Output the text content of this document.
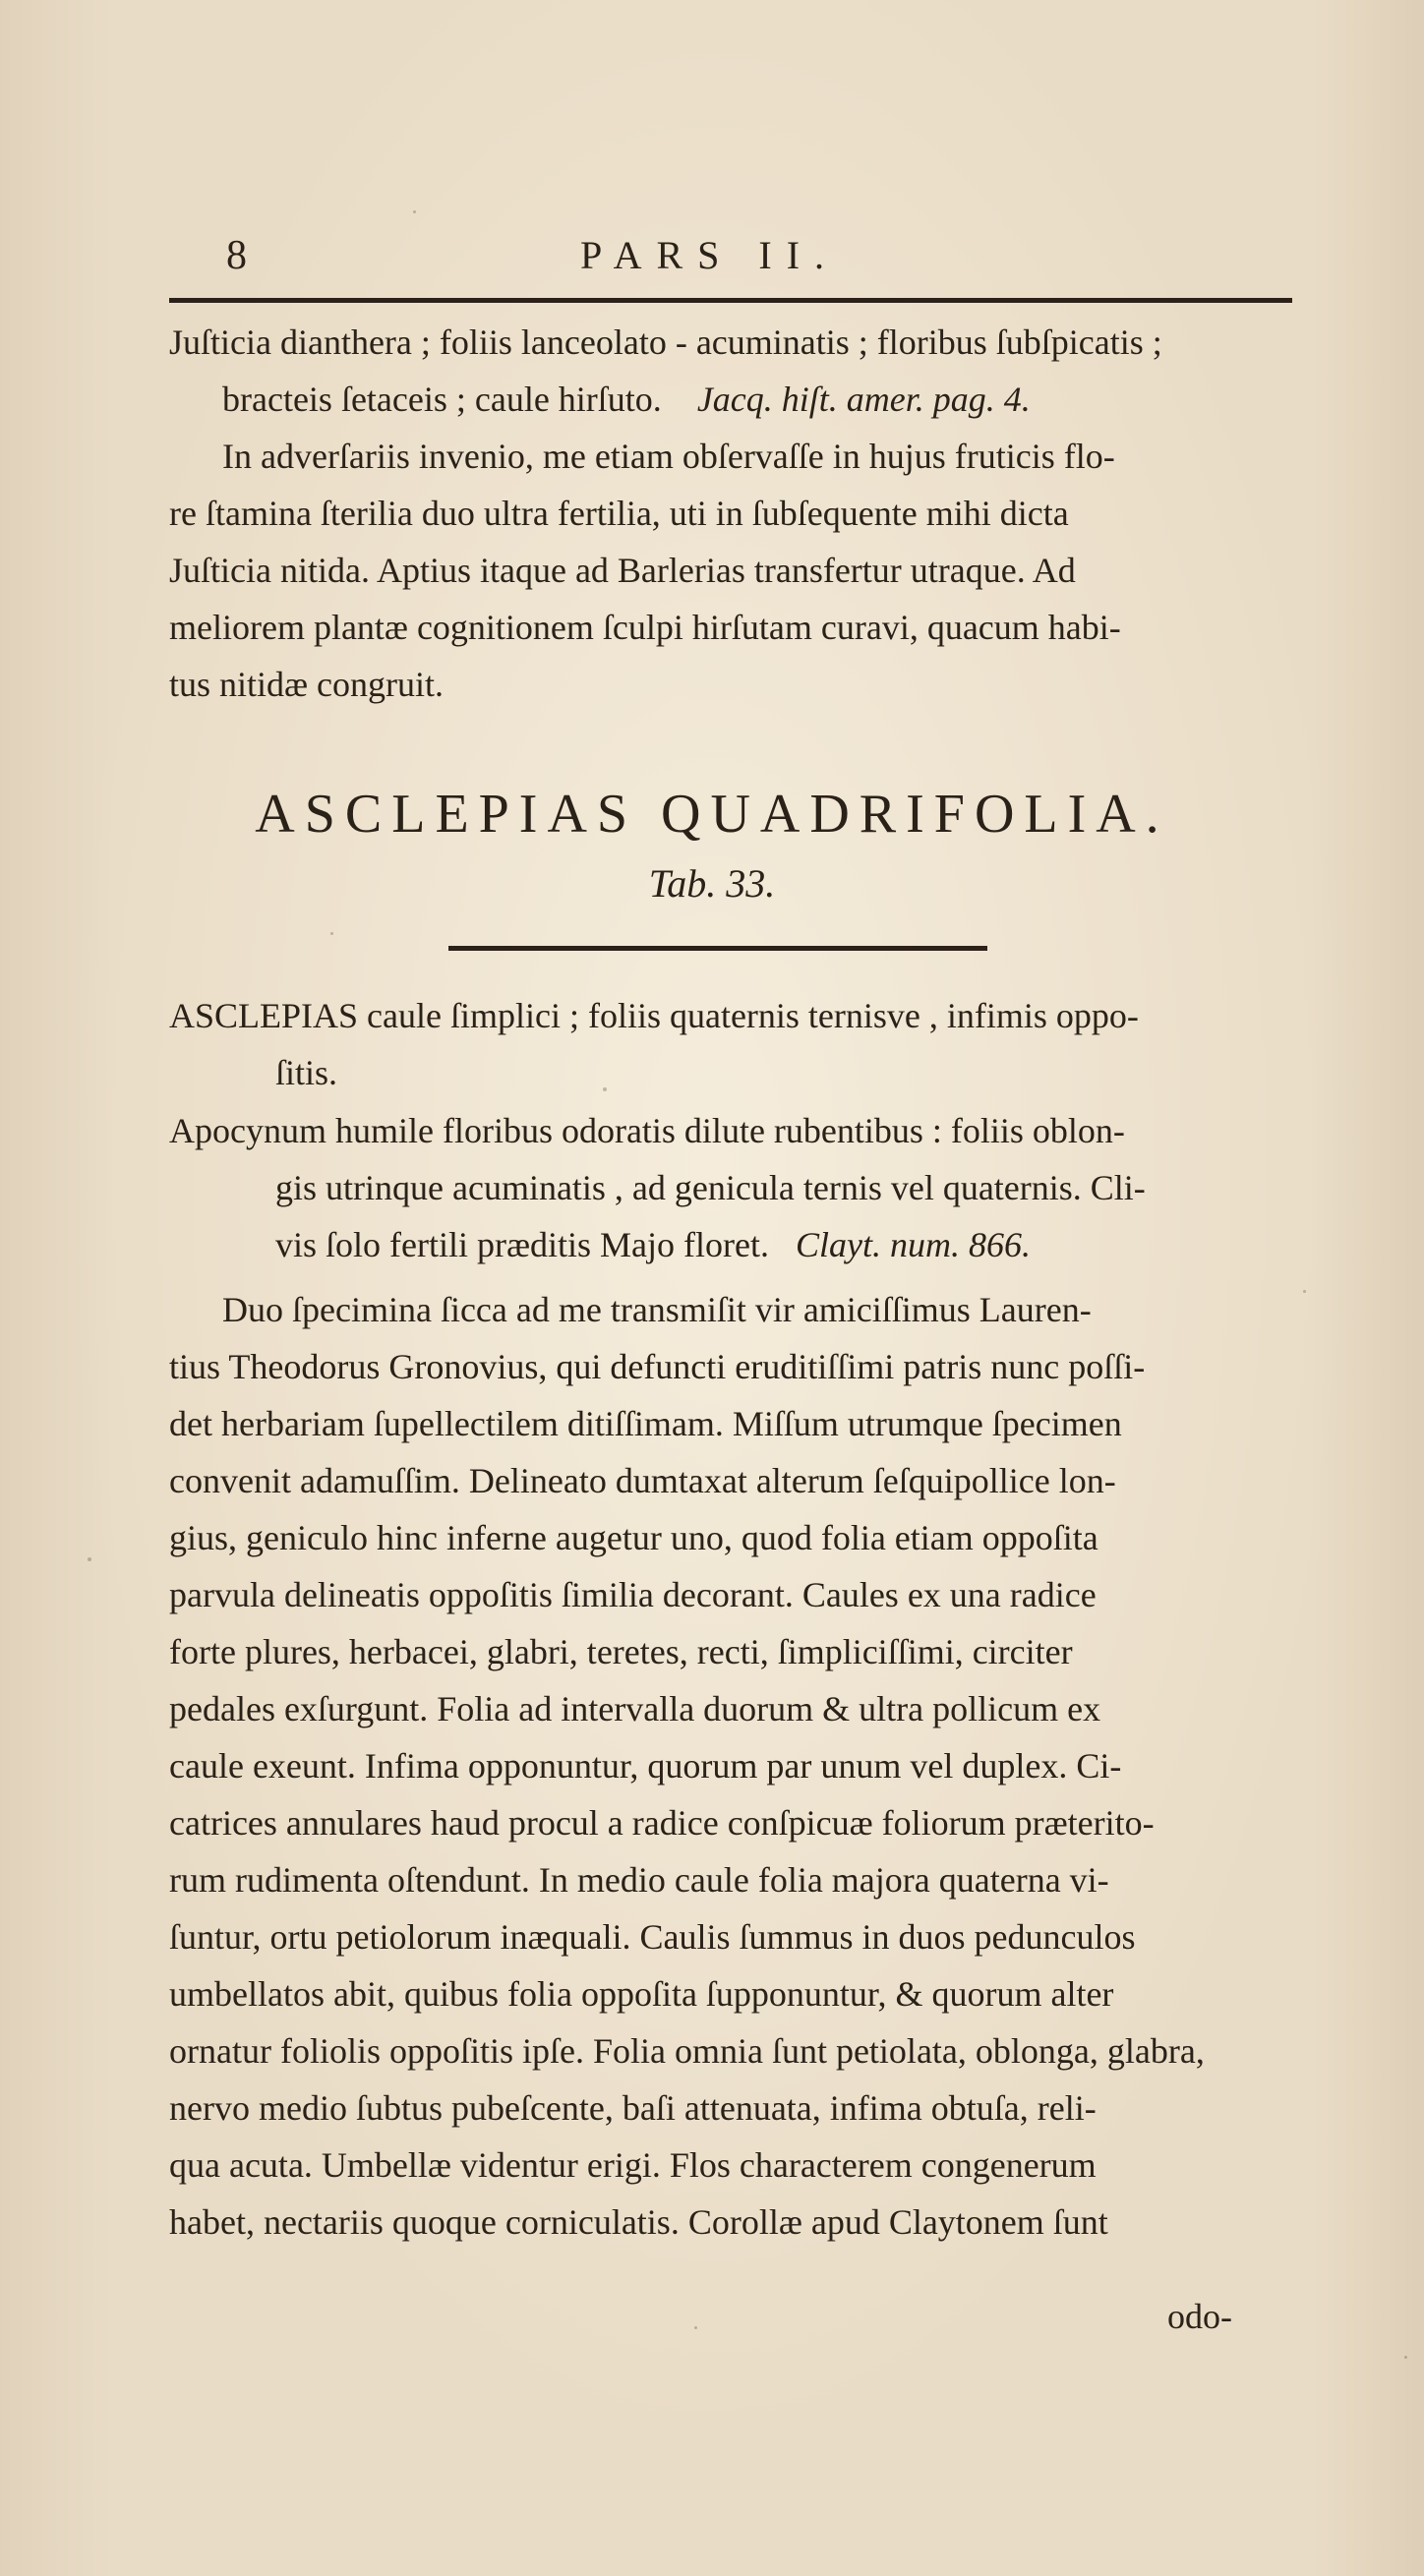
8	PARS II.
Juſticia dianthera ; foliis lanceolato - acuminatis ; floribus ſubſpicatis ;
bracteis ſetaceis ; caule hirſuto. Jacq. hiſt. amer. pag. 4.
In adverſariis invenio, me etiam obſervaſſe in hujus fruticis flo-
re ſtamina ſterilia duo ultra fertilia, uti in ſubſequente mihi dicta
Juſticia nitida. Aptius itaque ad Barlerias transfertur utraque. Ad
meliorem plantæ cognitionem ſculpi hirſutam curavi, quacum habi-
tus nitidæ congruit.
ASCLEPIAS QUADRIFOLIA.
Tab. 33.
ASCLEPIAS caule ſimplici ; foliis quaternis ternisve , infimis oppo-
ſitis.
Apocynum humile floribus odoratis dilute rubentibus : foliis oblon-
gis utrinque acuminatis , ad genicula ternis vel quaternis. Cli-
vis ſolo fertili præditis Majo floret. Clayt. num. 866.
Duo ſpecimina ſicca ad me transmiſit vir amiciſſimus Lauren-
tius Theodorus Gronovius, qui defuncti eruditiſſimi patris nunc poſſi-
det herbariam ſupellectilem ditiſſimam. Miſſum utrumque ſpecimen
convenit adamuſſim. Delineato dumtaxat alterum ſeſquipollice lon-
gius, geniculo hinc inferne augetur uno, quod folia etiam oppoſita
parvula delineatis oppoſitis ſimilia decorant. Caules ex una radice
forte plures, herbacei, glabri, teretes, recti, ſimpliciſſimi, circiter
pedales exſurgunt. Folia ad intervalla duorum & ultra pollicum ex
caule exeunt. Infima opponuntur, quorum par unum vel duplex. Ci-
catrices annulares haud procul a radice conſpicuæ foliorum præterito-
rum rudimenta oſtendunt. In medio caule folia majora quaterna vi-
ſuntur, ortu petiolorum inæquali. Caulis ſummus in duos pedunculos
umbellatos abit, quibus folia oppoſita ſupponuntur, & quorum alter
ornatur foliolis oppoſitis ipſe. Folia omnia ſunt petiolata, oblonga, glabra,
nervo medio ſubtus pubeſcente, baſi attenuata, infima obtuſa, reli-
qua acuta. Umbellæ videntur erigi. Flos characterem congenerum
habet, nectariis quoque corniculatis. Corollæ apud Claytonem ſunt
odo-
